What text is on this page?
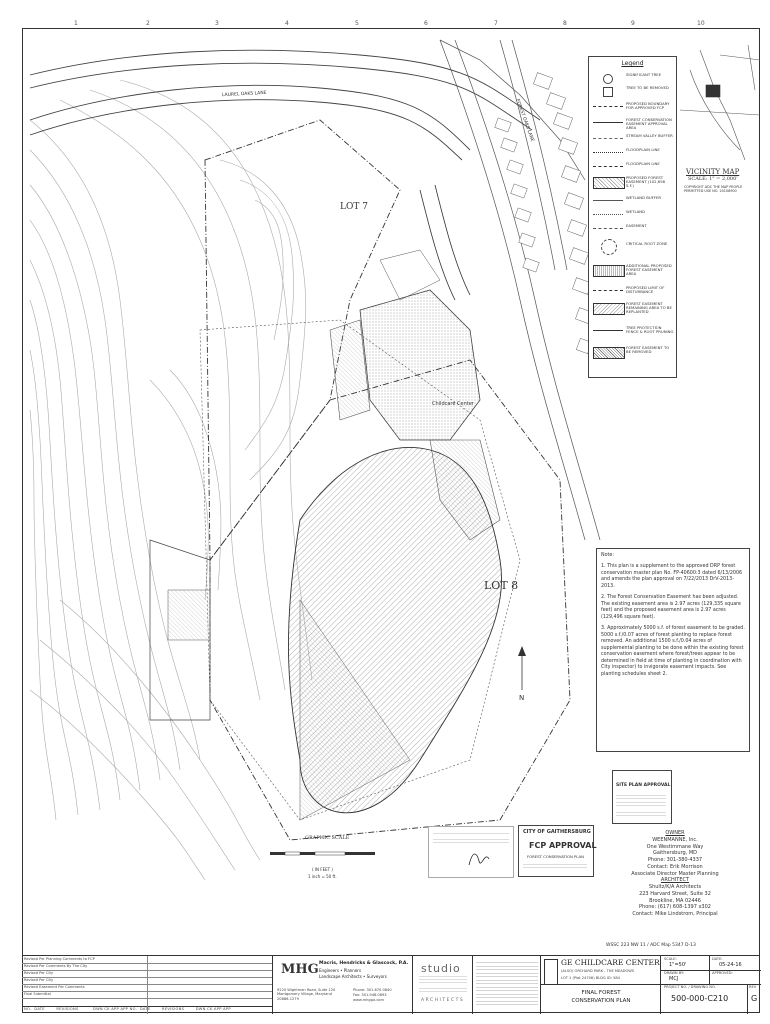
1	2	3	4	5	6	7	8	9	10
N
LOT 7
LOT 8
LAUREL OAKS LANE
FOREST OAKS LANE
Childcare Center
GRAPHIC SCALE
( IN FEET )
1 inch = 50 ft.
WSSC 223 NW 11 / ADC Map 5347 D-13
Legend
SIGNIFICANT TREE
TREE TO BE REMOVED
PROPOSED BOUNDARY FOR APPROVED FCP
FOREST CONSERVATION EASEMENT APPROVAL AREA
STREAM VALLEY BUFFER
FLOODPLAIN LINE
FLOODPLAIN LINE
PROPOSED FOREST EASEMENT (102,658 S.F.)
WETLAND BUFFER
WETLAND
EASEMENT
CRITICAL ROOT ZONE
ADDITIONAL PROPOSED FOREST EASEMENT AREA
PROPOSED LIMIT OF DISTURBANCE
FOREST EASEMENT REMAINING AREA TO BE REPLANTED
TREE PROTECTION FENCE & ROOT PRUNING
FOREST EASEMENT TO BE REMOVED
VICINITY MAP
SCALE: 1" = 2,000'
COPYRIGHT ADC THE MAP PEOPLE PERMITTED USE NO. 20108900

Note:

1. This plan is a supplement to the approved DRP forest conservation master plan No. FP-40600:3 dated 6/13/2006 and amends the plan approval on 7/22/2013 DrV-2013-2013.

2. The Forest Conservation Easement has been adjusted. The existing easement area is 2.97 acres (129,335 square feet) and the proposed easement area is 2.97 acres (129,496 square feet).

3. Approximately 5000 s.f. of forest easement to be graded. 5000 s.f./0.07 acres of forest planting to replace forest removed. An additional 1500 s.f./0.04 acres of supplemental planting to be done within the existing forest conservation easement where forest/trees appear to be determined in field at time of planting in coordination with City inspector) to invigorate easement impacts. See planting schedules sheet 2.

SITE PLAN APPROVAL
CITY OF GAITHERSBURG
FCP APPROVAL
FOREST CONSERVATION PLAN
OWNER
WEENMANNE, Inc.
One Westimmane Way
Gaithersburg, MD
Phone: 301-380-4337
Contact: Erik Morrison
Associate Director Master Planning
ARCHITECT
Shultz/K/A Architects
223 Harvard Street, Suite 32
Brookline, MA 02446
Phone: (617) 608-1397 x302
Contact: Mike Lindstrom, Principal
Revised Per Planning Comments to FCP
Revised Per Comments By The City
Revised Per City
Revised Per City
Revised Easement Per Comments
Final Submittal
NO. DATE	REVISIONS	DWN CK APP APP NO. DATE	REVISIONS	DWN CK APP APP
MHG Macris, Hendricks & Glascock, P.A.
Engineers • Planners
Landscape Architects • Surveyors
9220 Wightman Road, Suite 120 Montgomery Village, Maryland 20886-1279
Phone: 301.670.0840
Fax: 301.948.0693
www.mhgpa.com
studio
ARCHITECTS
GE CHILDCARE CENTER
(ALSO) ORCHARD PARK - THE MEADOWS
LOT 1 (Plat 24706) BLDG ID: 584
FINAL FOREST
CONSERVATION PLAN
SCALE:
1"=50'
DATE:
05-24-16
DRAWN BY:
MCJ
APPROVED:
PROJECT NO. / DRAWING NO.	REV
500-000-C210	G
